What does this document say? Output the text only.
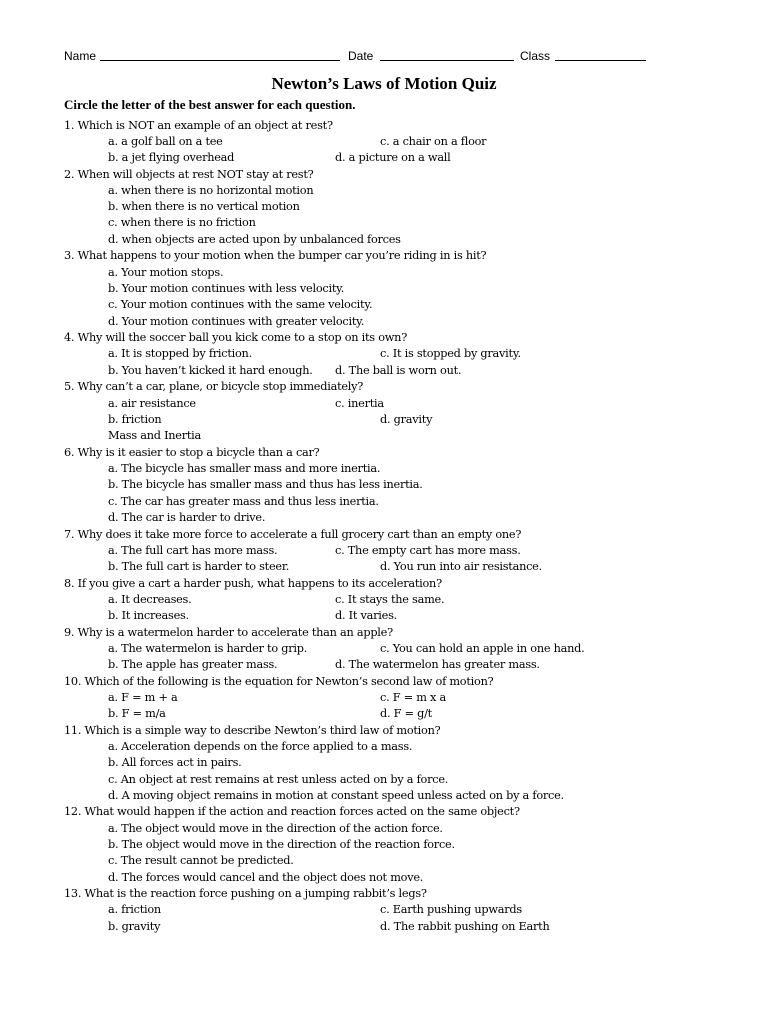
Name	Date	Class
Newton’s Laws of Motion Quiz
Circle the letter of the best answer for each question.
1. Which is NOT an example of an object at rest?
a. a golf ball on a tee	c. a chair on a floor
b. a jet flying overhead	d. a picture on a wall
2. When will objects at rest NOT stay at rest?
a. when there is no horizontal motion
b. when there is no vertical motion
c. when there is no friction
d. when objects are acted upon by unbalanced forces
3. What happens to your motion when the bumper car you’re riding in is hit?
a. Your motion stops.
b. Your motion continues with less velocity.
c. Your motion continues with the same velocity.
d. Your motion continues with greater velocity.
4. Why will the soccer ball you kick come to a stop on its own?
a. It is stopped by friction.	c. It is stopped by gravity.
b. You haven’t kicked it hard enough. d. The ball is worn out.
5. Why can’t a car, plane, or bicycle stop immediately?
a. air resistance	c. inertia
b. friction	d. gravity
Mass and Inertia
6. Why is it easier to stop a bicycle than a car?
a. The bicycle has smaller mass and more inertia.
b. The bicycle has smaller mass and thus has less inertia.
c. The car has greater mass and thus less inertia.
d. The car is harder to drive.
7. Why does it take more force to accelerate a full grocery cart than an empty one?
a. The full cart has more mass.	c. The empty cart has more mass.
b. The full cart is harder to steer.	d. You run into air resistance.
8. If you give a cart a harder push, what happens to its acceleration?
a. It decreases.	c. It stays the same.
b. It increases.	d. It varies.
9. Why is a watermelon harder to accelerate than an apple?
a. The watermelon is harder to grip.	c. You can hold an apple in one hand.
b. The apple has greater mass.	d. The watermelon has greater mass.
10. Which of the following is the equation for Newton’s second law of motion?
a. F = m + a	c. F = m x a
b. F = m/a	d. F = g/t
11. Which is a simple way to describe Newton’s third law of motion?
a. Acceleration depends on the force applied to a mass.
b. All forces act in pairs.
c. An object at rest remains at rest unless acted on by a force.
d. A moving object remains in motion at constant speed unless acted on by a force.
12. What would happen if the action and reaction forces acted on the same object?
a. The object would move in the direction of the action force.
b. The object would move in the direction of the reaction force.
c. The result cannot be predicted.
d. The forces would cancel and the object does not move.
13. What is the reaction force pushing on a jumping rabbit’s legs?
a. friction	c. Earth pushing upwards
b. gravity	d. The rabbit pushing on Earth
